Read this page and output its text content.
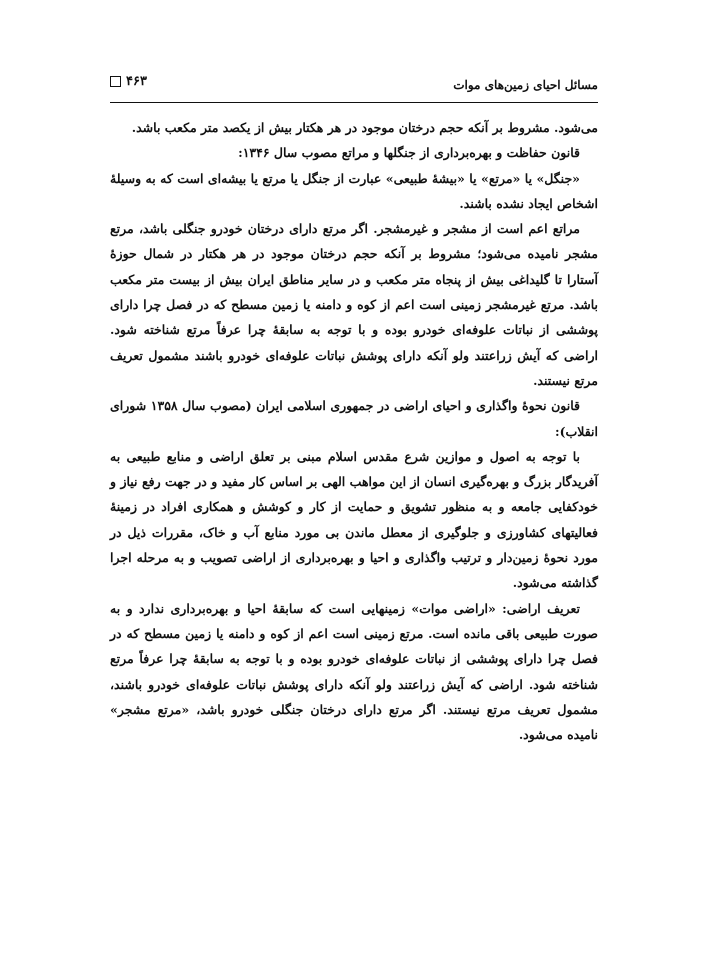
مسائل احیای زمین‌های موات
۴۶۳

می‌شود. مشروط بر آنکه حجم درختان موجود در هر هکتار بیش از یکصد متر مکعب باشد.

قانون حفاظت و بهره‌برداری از جنگلها و مراتع مصوب سال ۱۳۴۶:

«جنگل» یا «مرتع» یا «بیشهٔ طبیعی» عبارت از جنگل یا مرتع یا بیشه‌ای است که به وسیلهٔ اشخاص ایجاد نشده باشند.

مراتع اعم است از مشجر و غیرمشجر. اگر مرتع دارای درختان خودرو جنگلی باشد، مرتع مشجر نامیده می‌شود؛ مشروط بر آنکه حجم درختان موجود در هر هکتار در شمال حوزهٔ آستارا تا گلیداغی بیش از پنجاه متر مکعب و در سایر مناطق ایران بیش از بیست متر مکعب باشد. مرتع غیرمشجر زمینی است اعم از کوه و دامنه یا زمین مسطح که در فصل چرا دارای پوششی از نباتات علوفه‌ای خودرو بوده و با توجه به سابقهٔ چرا عرفاً مرتع شناخته شود. اراضی که آیش زراعتند ولو آنکه دارای پوشش نباتات علوفه‌ای خودرو باشند مشمول تعریف مرتع نیستند.

قانون نحوهٔ واگذاری و احیای اراضی در جمهوری اسلامی ایران (مصوب سال ۱۳۵۸ شورای انقلاب):

با توجه به اصول و موازین شرع مقدس اسلام مبنی بر تعلق اراضی و منابع طبیعی به آفریدگار بزرگ و بهره‌گیری انسان از این مواهب الهی بر اساس کار مفید و در جهت رفع نیاز و خودکفایی جامعه و به منظور تشویق و حمایت از کار و کوشش و همکاری افراد در زمینهٔ فعالیتهای کشاورزی و جلوگیری از معطل ماندن بی مورد منابع آب و خاک، مقررات ذیل در مورد نحوهٔ زمین‌دار و ترتیب واگذاری و احیا و بهره‌برداری از اراضی تصویب و به مرحله اجرا گذاشته می‌شود.

تعریف اراضی: «اراضی موات» زمینهایی است که سابقهٔ احیا و بهره‌برداری ندارد و به صورت طبیعی باقی مانده است. مرتع زمینی است اعم از کوه و دامنه یا زمین مسطح که در فصل چرا دارای پوششی از نباتات علوفه‌ای خودرو بوده و با توجه به سابقهٔ چرا عرفاً مرتع شناخته شود. اراضی که آیش زراعتند ولو آنکه دارای پوشش نباتات علوفه‌ای خودرو باشند، مشمول تعریف مرتع نیستند. اگر مرتع دارای درختان جنگلی خودرو باشد، «مرتع مشجر» نامیده می‌شود.
